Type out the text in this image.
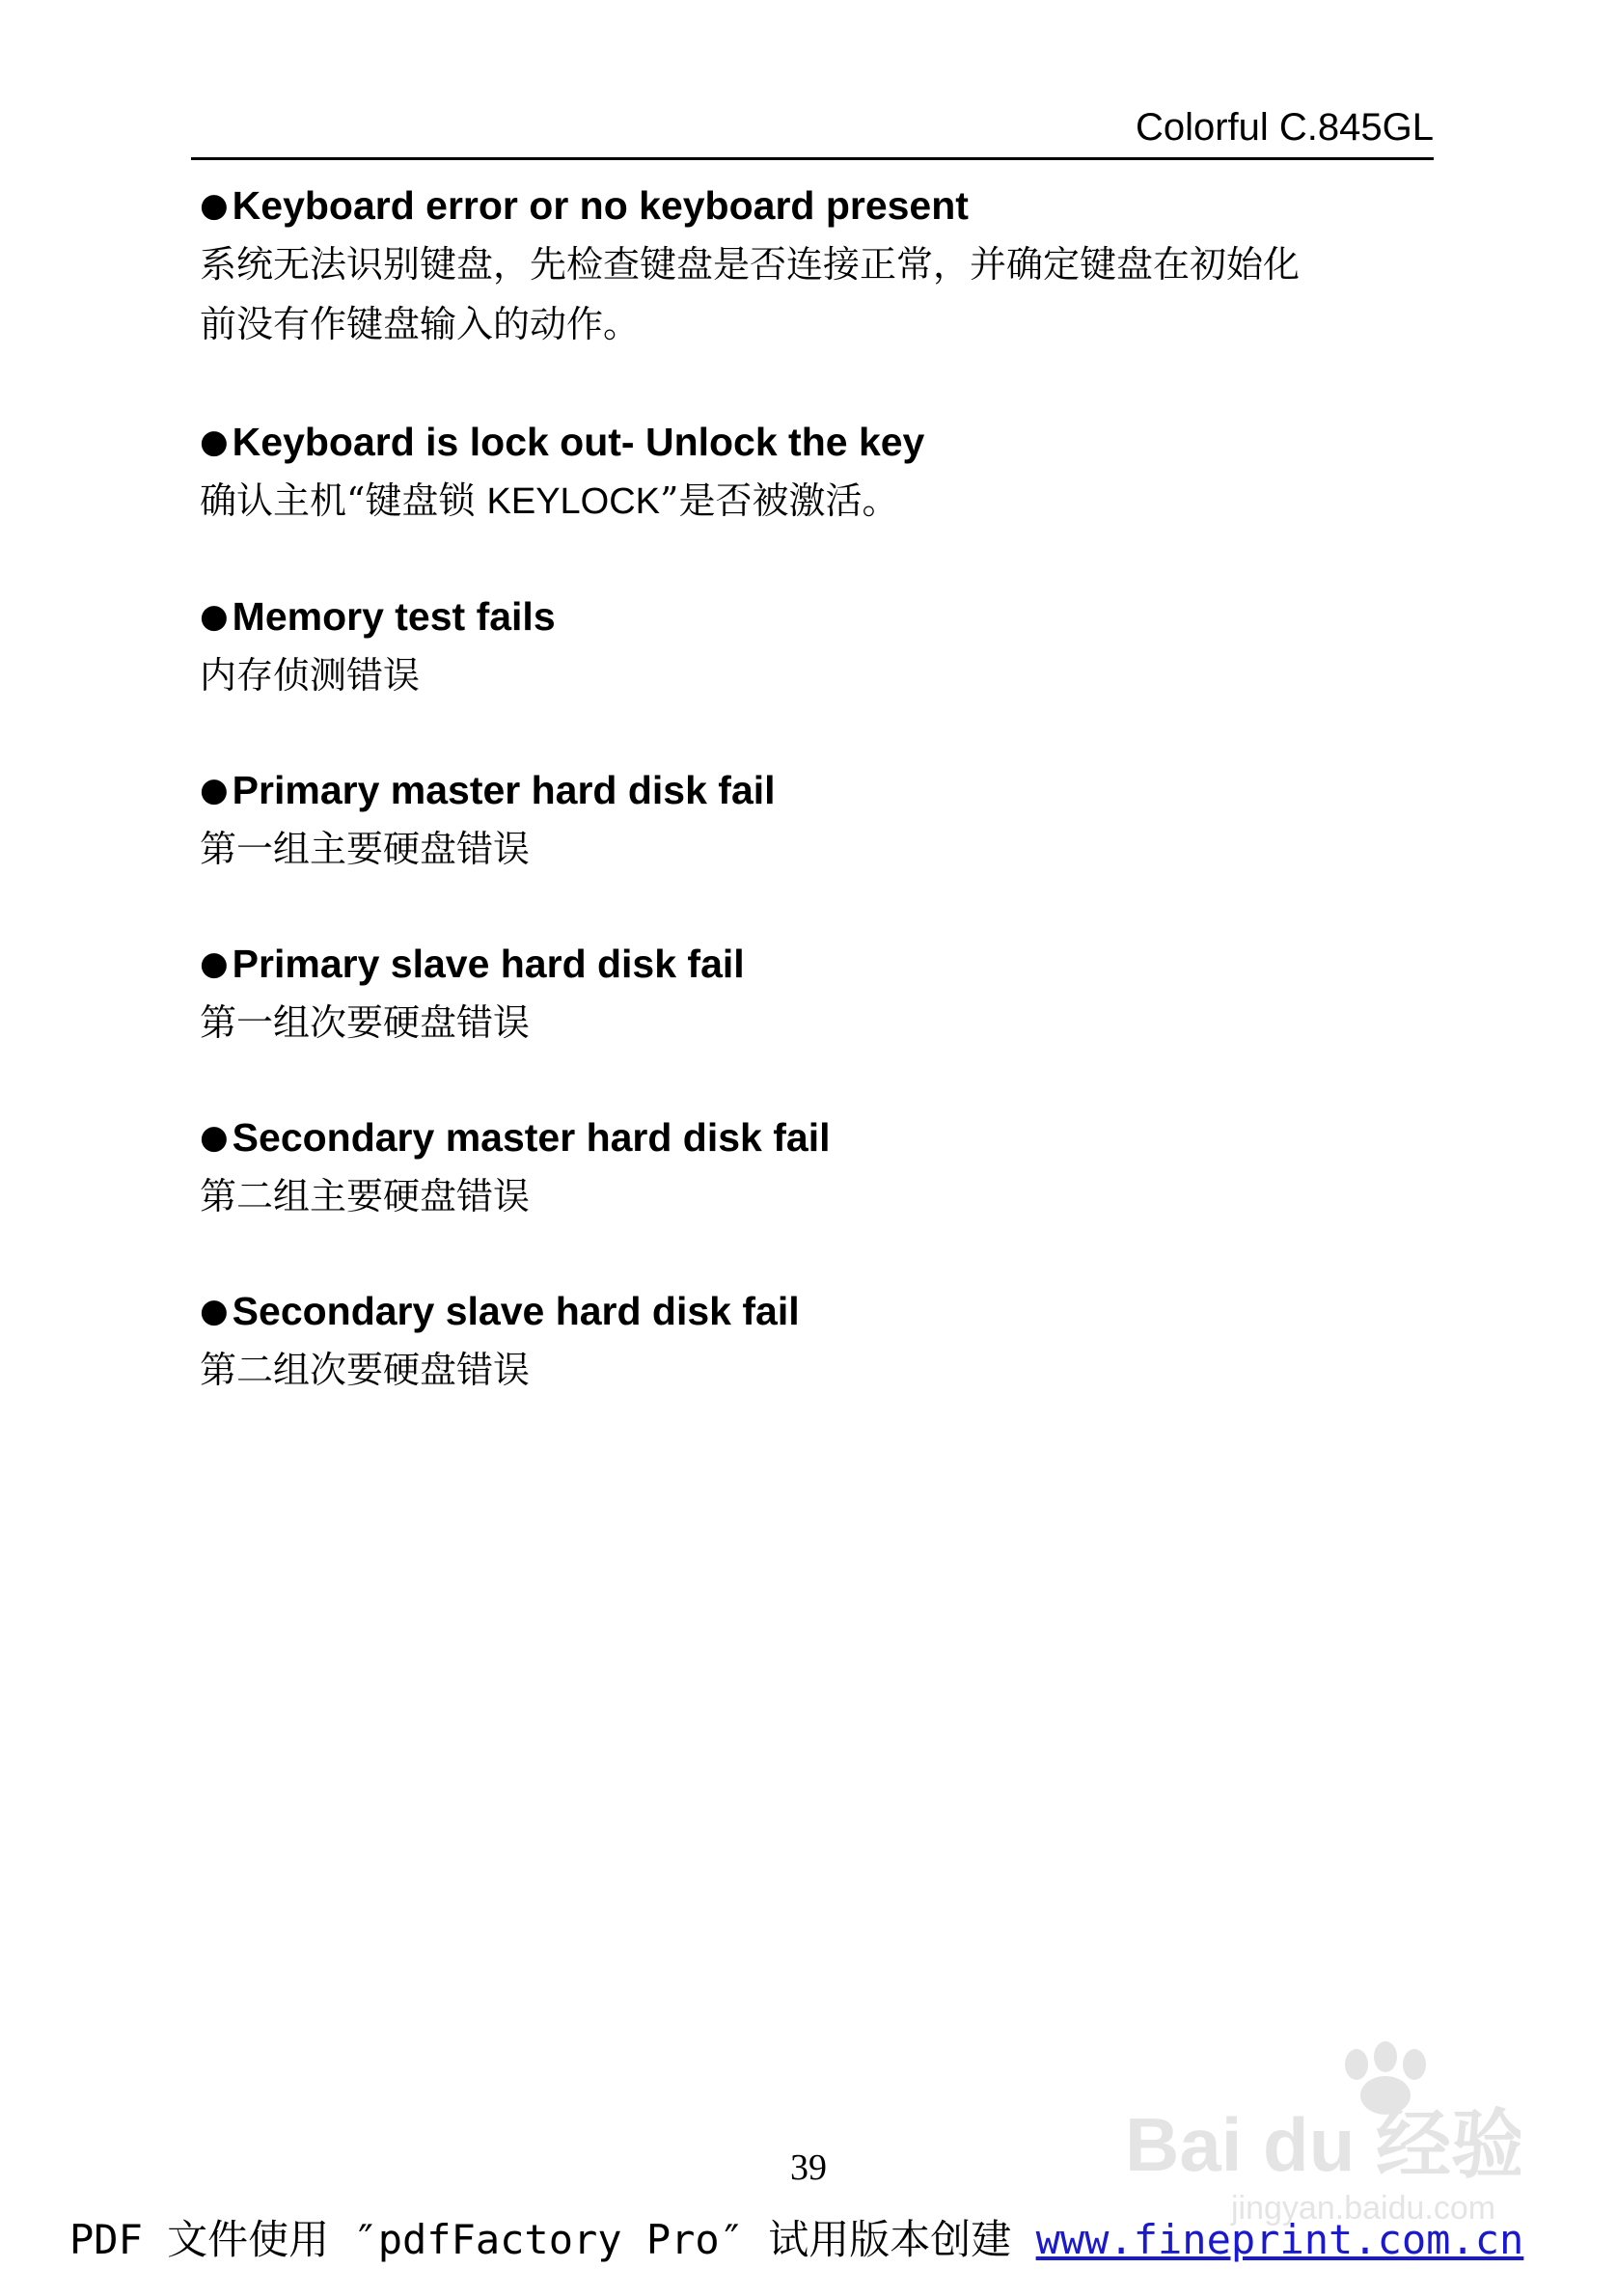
Colorful C.845GL
● Keyboard error or no keyboard present
系统无法识别键盘，先检查键盘是否连接正常，并确定键盘在初始化
前没有作键盘输入的动作。
● Keyboard is lock out- Unlock the key
确认主机“键盘锁 KEYLOCK”是否被激活。
● Memory test fails
内存侦测错误
● Primary master hard disk fail
第一组主要硬盘错误
● Primary slave hard disk fail
第一组次要硬盘错误
● Secondary master hard disk fail
第二组主要硬盘错误
● Secondary slave hard disk fail
第二组次要硬盘错误
Bai du 经验
jingyan.baidu.com
39
PDF 文件使用 ″pdfFactory Pro″ 试用版本创建 www.fineprint.com.cn
